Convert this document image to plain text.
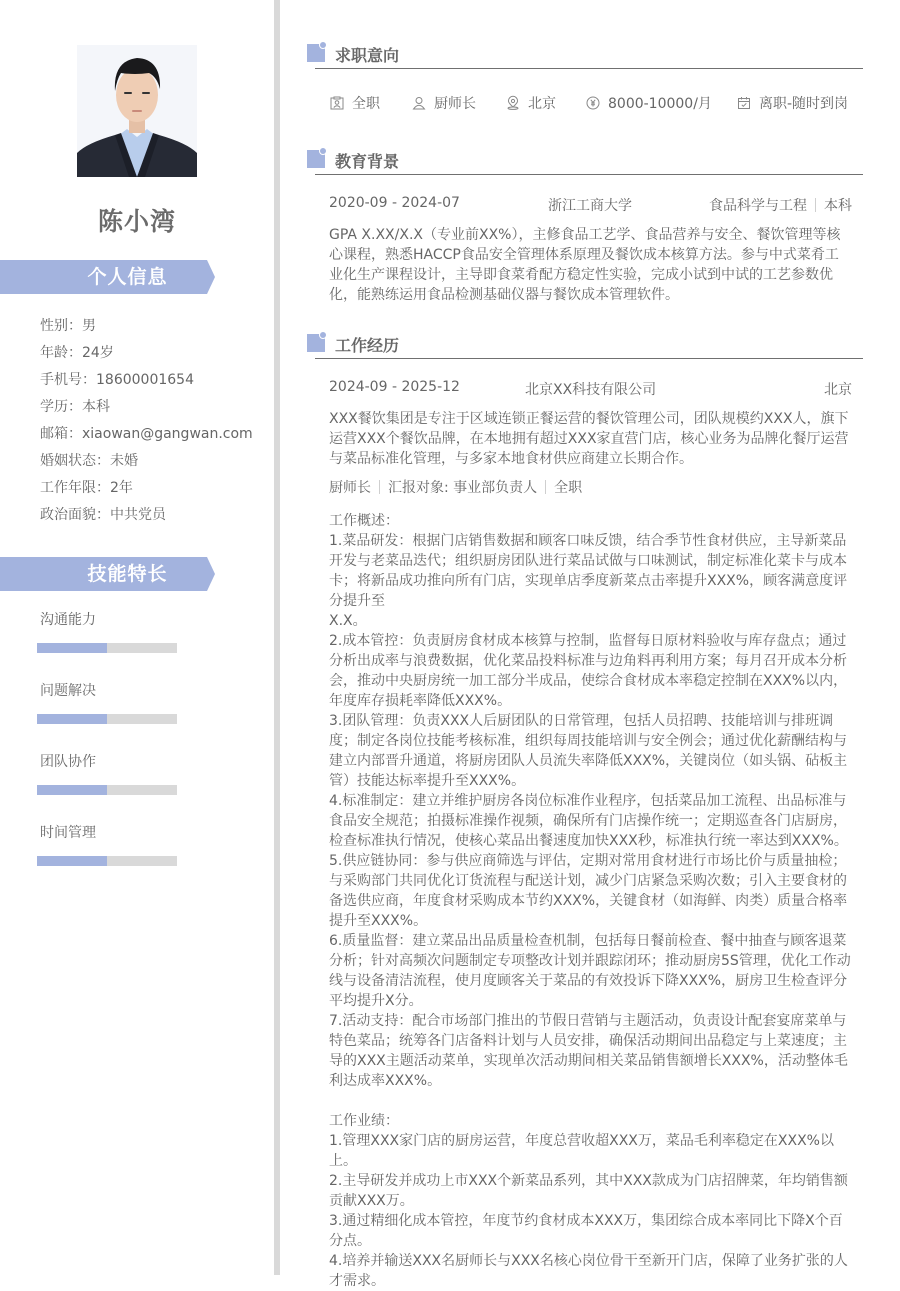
陈小湾
个人信息
性别：男
年龄：24岁
手机号：18600001654
学历：本科
邮箱：xiaowan@gangwan.com
婚姻状态：未婚
工作年限：2年
政治面貌：中共党员
技能特长
沟通能力
问题解决
团队协作
时间管理
求职意向
全职	厨师长	北京	8000-10000/月	离职-随时到岗
教育背景
2020-09 - 2024-07	浙江工商大学	食品科学与工程 本科
GPA X.XX/X.X（专业前XX%），主修食品工艺学、食品营养与安全、餐饮管理等核
心课程，熟悉HACCP食品安全管理体系原理及餐饮成本核算方法。参与中式菜肴工
业化生产课程设计，主导即食菜肴配方稳定性实验，完成小试到中试的工艺参数优
化，能熟练运用食品检测基础仪器与餐饮成本管理软件。
工作经历
2024-09 - 2025-12	北京XX科技有限公司	北京
XXX餐饮集团是专注于区域连锁正餐运营的餐饮管理公司，团队规模约XXX人，旗下
运营XXX个餐饮品牌，在本地拥有超过XXX家直营门店，核心业务为品牌化餐厅运营
与菜品标准化管理，与多家本地食材供应商建立长期合作。
厨师长 汇报对象: 事业部负责人 全职
工作概述：
1.菜品研发：根据门店销售数据和顾客口味反馈，结合季节性食材供应，主导新菜品
开发与老菜品迭代；组织厨房团队进行菜品试做与口味测试，制定标准化菜卡与成本
卡；将新品成功推向所有门店，实现单店季度新菜点击率提升XXX%，顾客满意度评
分提升至
X.X。
2.成本管控：负责厨房食材成本核算与控制，监督每日原材料验收与库存盘点；通过
分析出成率与浪费数据，优化菜品投料标准与边角料再利用方案；每月召开成本分析
会，推动中央厨房统一加工部分半成品，使综合食材成本率稳定控制在XXX%以内，
年度库存损耗率降低XXX%。
3.团队管理：负责XXX人后厨团队的日常管理，包括人员招聘、技能培训与排班调
度；制定各岗位技能考核标准，组织每周技能培训与安全例会；通过优化薪酬结构与
建立内部晋升通道，将厨房团队人员流失率降低XXX%，关键岗位（如头锅、砧板主
管）技能达标率提升至XXX%。
4.标准制定：建立并维护厨房各岗位标准作业程序，包括菜品加工流程、出品标准与
食品安全规范；拍摄标准操作视频，确保所有门店操作统一；定期巡查各门店厨房，
检查标准执行情况，使核心菜品出餐速度加快XXX秒，标准执行统一率达到XXX%。
5.供应链协同：参与供应商筛选与评估，定期对常用食材进行市场比价与质量抽检；
与采购部门共同优化订货流程与配送计划，减少门店紧急采购次数；引入主要食材的
备选供应商，年度食材采购成本节约XXX%，关键食材（如海鲜、肉类）质量合格率
提升至XXX%。
6.质量监督：建立菜品出品质量检查机制，包括每日餐前检查、餐中抽查与顾客退菜
分析；针对高频次问题制定专项整改计划并跟踪闭环；推动厨房5S管理，优化工作动
线与设备清洁流程，使月度顾客关于菜品的有效投诉下降XXX%，厨房卫生检查评分
平均提升X分。
7.活动支持：配合市场部门推出的节假日营销与主题活动，负责设计配套宴席菜单与
特色菜品；统筹各门店备料计划与人员安排，确保活动期间出品稳定与上菜速度；主
导的XXX主题活动菜单，实现单次活动期间相关菜品销售额增长XXX%，活动整体毛
利达成率XXX%。
工作业绩：
1.管理XXX家门店的厨房运营，年度总营收超XXX万，菜品毛利率稳定在XXX%以
上。
2.主导研发并成功上市XXX个新菜品系列，其中XXX款成为门店招牌菜，年均销售额
贡献XXX万。
3.通过精细化成本管控，年度节约食材成本XXX万，集团综合成本率同比下降X个百
分点。
4.培养并输送XXX名厨师长与XXX名核心岗位骨干至新开门店，保障了业务扩张的人
才需求。
